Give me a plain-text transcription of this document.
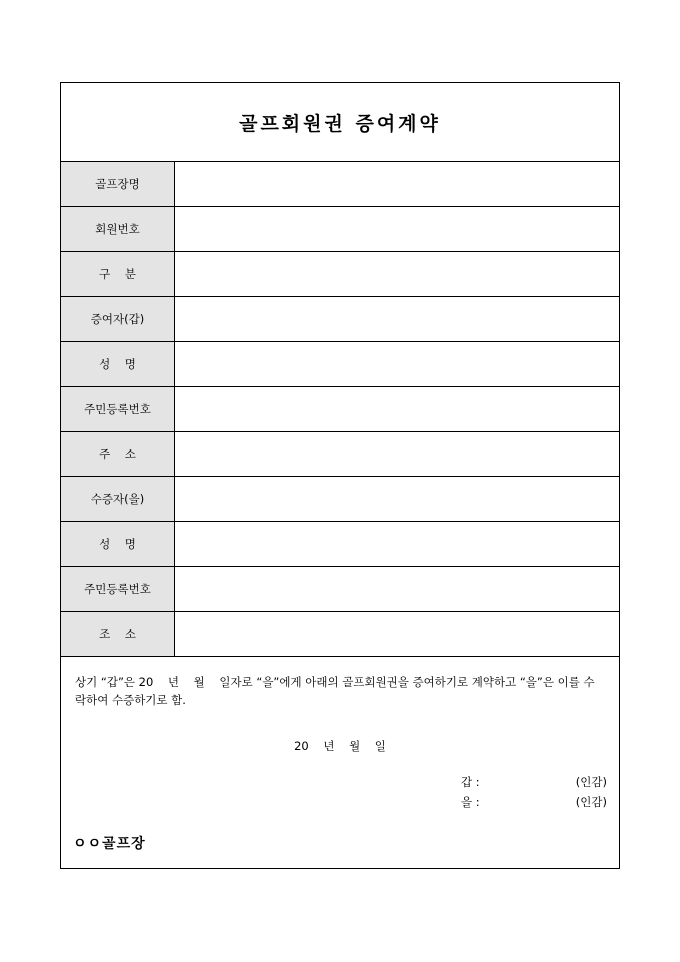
골프회원권 증여계약
골프장명
회원번호
구    분
증여자(갑)
성    명
주민등록번호
주    소
수증자(을)
성    명
주민등록번호
조    소

상기 “갑”은 20    년    월    일자로 “을”에게 아래의 골프회원권을 증여하기로 계약하고 “을”은 이를 수락하여 수증하기로 함.

20    년    월    일
갑 :	(인감)
을 :	(인감)
ㅇㅇ골프장
